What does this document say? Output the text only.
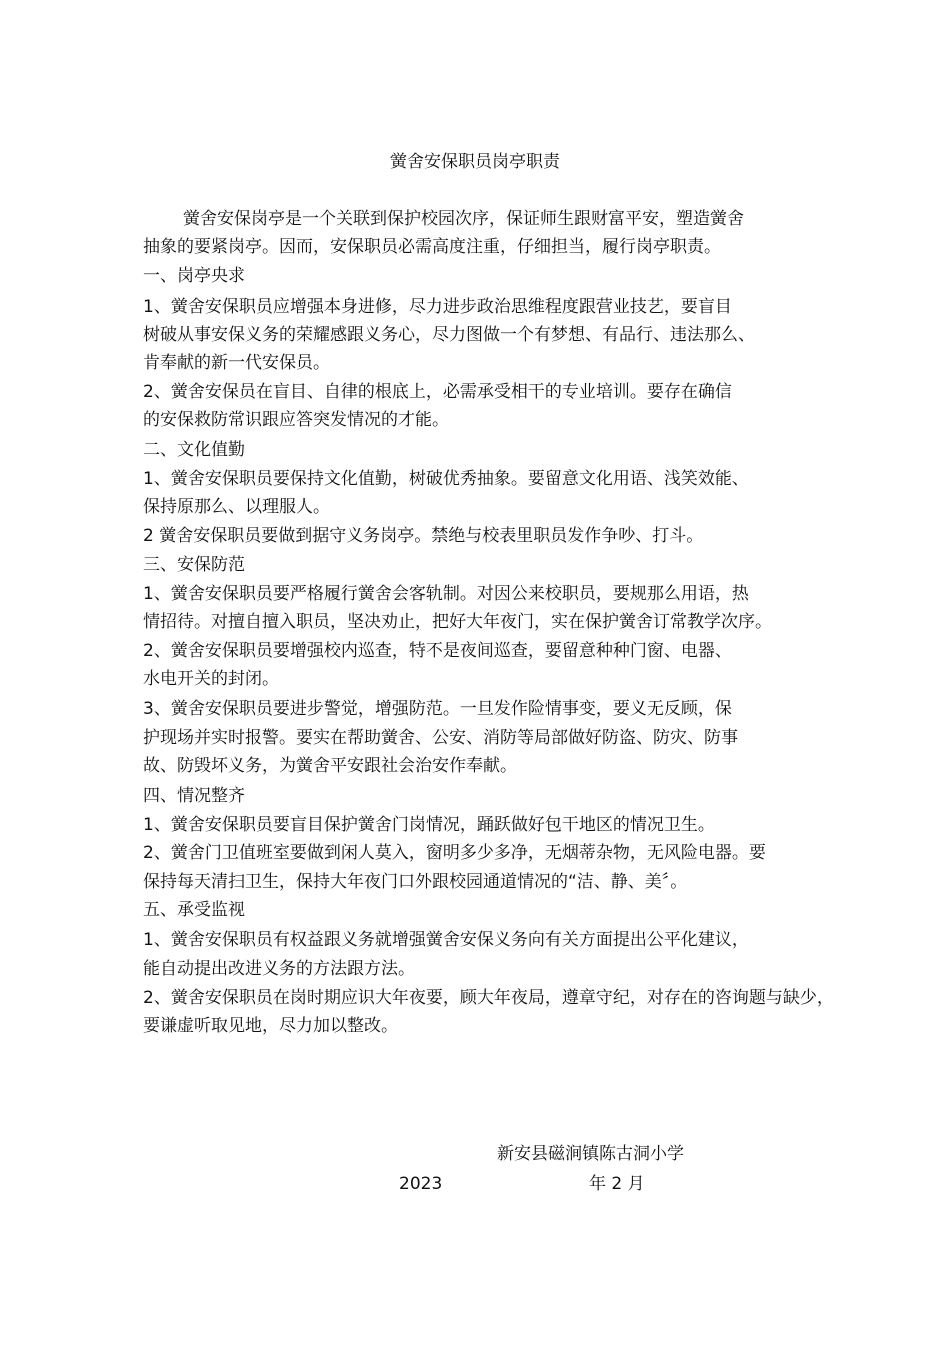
黉舍安保职员岗亭职责
黉舍安保岗亭是一个关联到保护校园次序，保证师生跟财富平安，塑造黉舍
抽象的要紧岗亭。因而，安保职员必需高度注重，仔细担当，履行岗亭职责。
一、岗亭央求
1、黉舍安保职员应增强本身进修，尽力进步政治思维程度跟营业技艺，要盲目
树破从事安保义务的荣耀感跟义务心，尽力图做一个有梦想、有品行、违法那么、
肯奉献的新一代安保员。
2、黉舍安保员在盲目、自律的根底上，必需承受相干的专业培训。要存在确信
的安保救防常识跟应答突发情况的才能。
二、文化值勤
1、黉舍安保职员要保持文化值勤，树破优秀抽象。要留意文化用语、浅笑效能、
保持原那么、以理服人。
2 黉舍安保职员要做到据守义务岗亭。禁绝与校表里职员发作争吵、打斗。
三、安保防范
1、黉舍安保职员要严格履行黉舍会客轨制。对因公来校职员，要规那么用语，热
情招待。对擅自擅入职员，坚决劝止，把好大年夜门，实在保护黉舍订常教学次序。
2、黉舍安保职员要增强校内巡查，特不是夜间巡查，要留意种种门窗、电器、
水电开关的封闭。
3、黉舍安保职员要进步警觉，增强防范。一旦发作险情事变，要义无反顾，保
护现场并实时报警。要实在帮助黉舍、公安、消防等局部做好防盗、防灾、防事
故、防毁坏义务，为黉舍平安跟社会治安作奉献。
四、情况整齐
1、黉舍安保职员要盲目保护黉舍门岗情况，踊跃做好包干地区的情况卫生。
2、黉舍门卫值班室要做到闲人莫入，窗明多少多净，无烟蒂杂物，无风险电器。要
保持每天清扫卫生，保持大年夜门口外跟校园通道情况的“洁、静、美〞。
五、承受监视
1、黉舍安保职员有权益跟义务就增强黉舍安保义务向有关方面提出公平化建议，
能自动提出改进义务的方法跟方法。
2、黉舍安保职员在岗时期应识大年夜要，顾大年夜局，遵章守纪，对存在的咨询题与缺少，
要谦虚听取见地，尽力加以整改。
新安县磁涧镇陈古洞小学
2023	年 2 月
